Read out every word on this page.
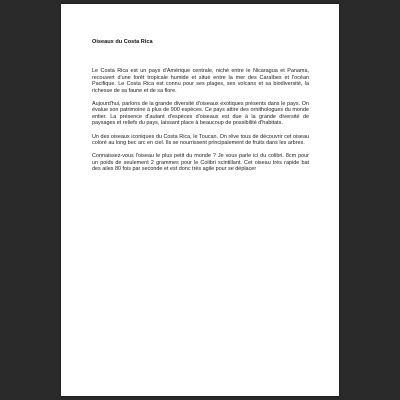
Oiseaux du Costa Rica

Le Costa Rica est un pays d'Amérique centrale, niché entre le Nicaragua et Panama, recouvert d'une forêt tropicale humide et situé entre la mer des Caraïbes et l'océan Pacifique. Le Costa Rica est connu pour ses plages, ses volcans et sa biodiversité, la richesse de sa faune et de sa flore.

Aujourd'hui, parlons de la grande diversité d'oiseaux exotiques présents dans le pays. On évalue son patrimoine à plus de 900 espèces. Ce pays attire des ornithologues du monde entier. La présence d'autant d'espèces d'oiseaux est due à la grande diversité de paysages et reliefs du pays, laissant place à beaucoup de possibilité d'habitats.

Un des oiseaux iconiques du Costa Rica, le Toucan. On rêve tous de découvrir cet oiseau coloré au long bec arc en ciel. Ils se nourrissent principalement de fruits dans les arbres.

Connaissez-vous l'oiseau le plus petit du monde ? Je vous parle ici du colibri. 8cm pour un poids de seulement 2 grammes pour le Colibri scintillant. Cet oiseau très rapide bat des ailes 80 fois par seconde et est donc très agile pour se déplacer
